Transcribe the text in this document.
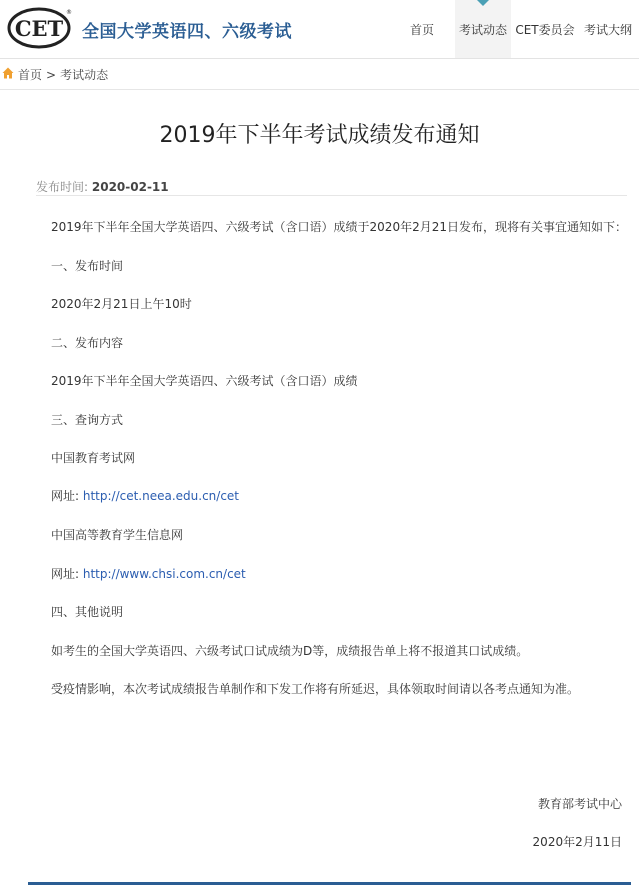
CET
®
全国大学英语四、六级考试	首页	考试动态 CET委员会 考试大纲
首页 > 考试动态
2019年下半年考试成绩发布通知
发布时间: 2020-02-11
2019年下半年全国大学英语四、六级考试（含口语）成绩于2020年2月21日发布，现将有关事宜通知如下：
一、发布时间
2020年2月21日上午10时
二、发布内容
2019年下半年全国大学英语四、六级考试（含口语）成绩
三、查询方式
中国教育考试网
网址: http://cet.neea.edu.cn/cet
中国高等教育学生信息网
网址: http://www.chsi.com.cn/cet
四、其他说明
如考生的全国大学英语四、六级考试口试成绩为D等，成绩报告单上将不报道其口试成绩。
受疫情影响，本次考试成绩报告单制作和下发工作将有所延迟，具体领取时间请以各考点通知为准。
教育部考试中心
2020年2月11日
